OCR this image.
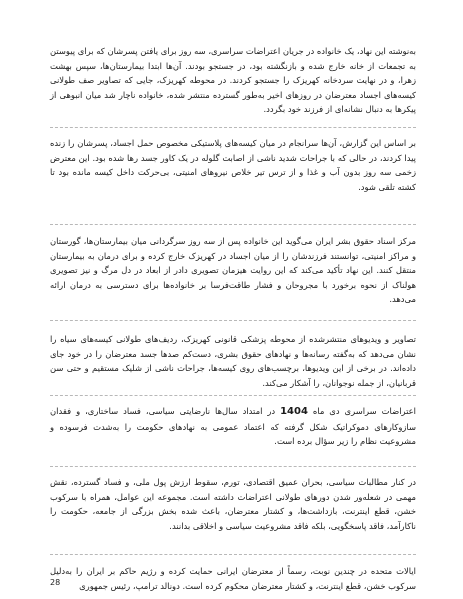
به‌نوشته این نهاد، یک خانواده در جریان اعتراضات سراسری، سه روز برای یافتن پسرشان که برای پیوستن به تجمعات از خانه خارج شده و بازنگشته بود، در جستجو بودند. آن‌ها ابتدا بیمارستان‌ها، سپس بهشت زهرا، و در نهایت سردخانه کهریزک را جستجو کردند. در محوطه کهریزک، جایی که تصاویر صف طولانی کیسه‌های اجساد معترضان در روزهای اخیر به‌طور گسترده منتشر شده، خانواده ناچار شد میان انبوهی از پیکرها به دنبال نشانه‌ای از فرزند خود بگردد.

بر اساس این گزارش، آن‌ها سرانجام در میان کیسه‌های پلاستیکی مخصوص حمل اجساد، پسرشان را زنده پیدا کردند، در حالی که با جراحات شدید ناشی از اصابت گلوله در یک کاور جسد رها شده بود. این معترض زخمی سه روز بدون آب و غذا و از ترس تیر خلاص نیروهای امنیتی، بی‌حرکت داخل کیسه مانده بود تا کشته تلقی شود.

مرکز اسناد حقوق بشر ایران می‌گوید این خانواده پس از سه روز سرگردانی میان بیمارستان‌ها، گورستان و مراکز امنیتی، توانستند فرزندشان را از میان اجساد در کهریزک خارج کرده و برای درمان به بیمارستان منتقل کنند. این نهاد تأکید می‌کند که این روایت هیزمان تصویری دادر از ابعاد در دل مرگ و نیز تصویری هولناک از نحوه برخورد با مجروحان و فشار طاقت‌فرسا بر خانواده‌ها برای دسترسی به درمان ارائه می‌دهد.

تصاویر و ویدیوهای منتشرشده از محوطه پزشکی قانونی کهریزک، ردیف‌های طولانی کیسه‌های سیاه را نشان می‌دهد که به‌گفته رسانه‌ها و نهادهای حقوق بشری، دست‌کم صدها جسد معترضان را در خود جای داده‌اند. در برخی از این ویدیوها، برچسب‌های روی کیسه‌ها، جراحات ناشی از شلیک مستقیم و حتی سن قربانیان، از جمله نوجوانان، را آشکار می‌کند.

اعتراضات سراسری دی ماه 1404 در امتداد سال‌ها نارضایتی سیاسی، فساد ساختاری، و فقدان سازوکارهای دموکراتیک شکل گرفته که اعتماد عمومی به نهادهای حکومت را به‌شدت فرسوده و مشروعیت نظام را زیر سؤال برده است.

در کنار مطالبات سیاسی، بحران عمیق اقتصادی، تورم، سقوط ارزش پول ملی، و فساد گسترده، نقش مهمی در شعله‌ور شدن دورهای طولانی اعتراضات داشته است. مجموعه این عوامل، همراه با سرکوب خشن، قطع اینترنت، بازداشت‌ها، و کشتار معترضان، باعث شده بخش بزرگی از جامعه، حکومت را ناکارآمد، فاقد پاسخگویی، بلکه فاقد مشروعیت سیاسی و اخلاقی بدانند.

ایالات متحده در چندین نوبت، رسماً از معترضان ایرانی حمایت کرده و رژیم حاکم بر ایران را به‌دلیل سرکوب خشن، قطع اینترنت، و کشتار معترضان محکوم کرده است. دونالد ترامپ، رئیس جمهوری

28
